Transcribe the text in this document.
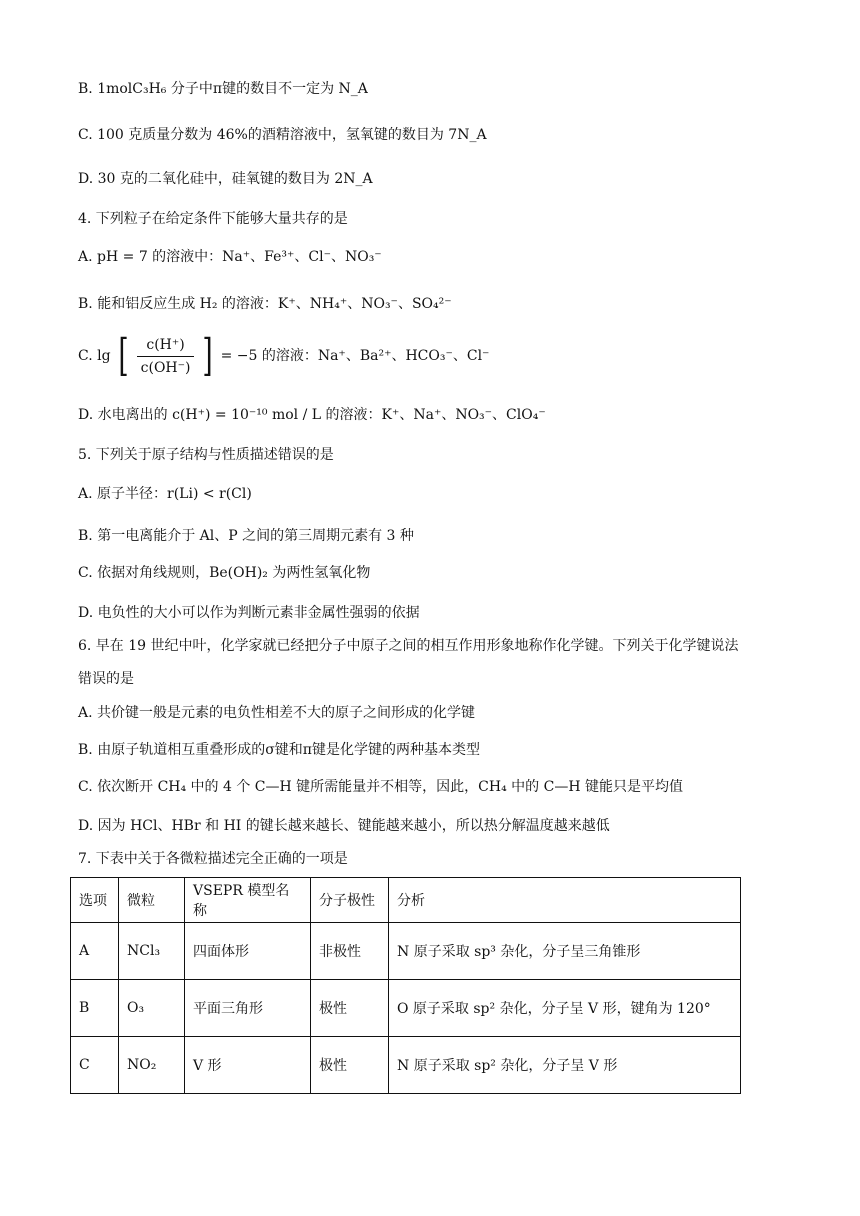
B. 1molC₃H₆ 分子中π键的数目不一定为 N_A
C. 100 克质量分数为 46%的酒精溶液中，氢氧键的数目为 7N_A
D. 30 克的二氧化硅中，硅氧键的数目为 2N_A
4. 下列粒子在给定条件下能够大量共存的是
A. pH = 7 的溶液中：Na⁺、Fe³⁺、Cl⁻、NO₃⁻
B. 能和铝反应生成 H₂ 的溶液：K⁺、NH₄⁺、NO₃⁻、SO₄²⁻
C. lg [ $\frac{c(H^+)}{c(OH^-)}$ ] = −5 的溶液：Na⁺、Ba²⁺、HCO₃⁻、Cl⁻
D. 水电离出的 c(H⁺) = 10⁻¹⁰ mol / L 的溶液：K⁺、Na⁺、NO₃⁻、ClO₄⁻
5. 下列关于原子结构与性质描述错误的是
A. 原子半径：r(Li) < r(Cl)
B. 第一电离能介于 Al、P 之间的第三周期元素有 3 种
C. 依据对角线规则，Be(OH)₂ 为两性氢氧化物
D. 电负性的大小可以作为判断元素非金属性强弱的依据
6. 早在 19 世纪中叶，化学家就已经把分子中原子之间的相互作用形象地称作化学键。下列关于化学键说法
错误的是
A. 共价键一般是元素的电负性相差不大的原子之间形成的化学键
B. 由原子轨道相互重叠形成的σ键和π键是化学键的两种基本类型
C. 依次断开 CH₄ 中的 4 个 C—H 键所需能量并不相等，因此，CH₄ 中的 C—H 键能只是平均值
D. 因为 HCl、HBr 和 HI 的键长越来越长、键能越来越小，所以热分解温度越来越低
7. 下表中关于各微粒描述完全正确的一项是
选项	微粒	VSEPR 模型名称	分子极性	分析
A	NCl₃	四面体形	非极性	N 原子采取 sp³ 杂化，分子呈三角锥形
B	O₃	平面三角形	极性	O 原子采取 sp² 杂化，分子呈 V 形，键角为 120°
C	NO₂	V 形	极性	N 原子采取 sp² 杂化，分子呈 V 形
